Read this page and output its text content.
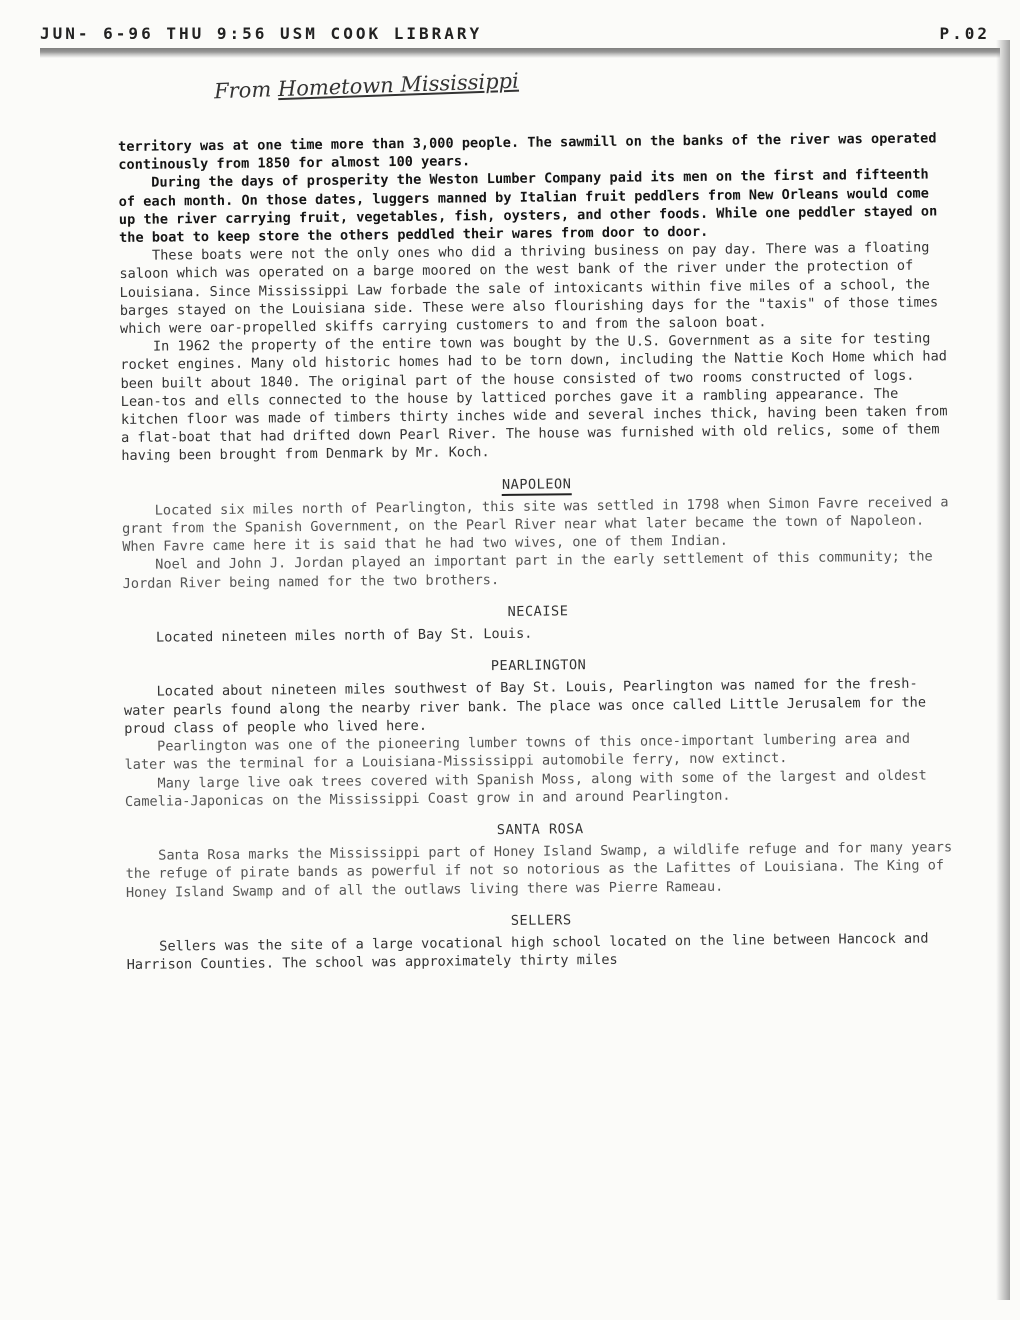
JUN- 6-96 THU 9:56 USM COOK LIBRARY	P.02
From Hometown Mississippi

territory was at one time more than 3,000 people. The sawmill on the banks of the river was operated continously from 1850 for almost 100 years.

During the days of prosperity the Weston Lumber Company paid its men on the first and fifteenth of each month. On those dates, luggers manned by Italian fruit peddlers from New Orleans would come up the river carrying fruit, vegetables, fish, oysters, and other foods. While one peddler stayed on the boat to keep store the others peddled their wares from door to door.

These boats were not the only ones who did a thriving business on pay day. There was a floating saloon which was operated on a barge moored on the west bank of the river under the protection of Louisiana. Since Mississippi Law forbade the sale of intoxicants within five miles of a school, the barges stayed on the Louisiana side. These were also flourishing days for the "taxis" of those times which were oar-propelled skiffs carrying customers to and from the saloon boat.

In 1962 the property of the entire town was bought by the U.S. Government as a site for testing rocket engines. Many old historic homes had to be torn down, including the Nattie Koch Home which had been built about 1840. The original part of the house consisted of two rooms constructed of logs. Lean-tos and ells connected to the house by latticed porches gave it a rambling appearance. The kitchen floor was made of timbers thirty inches wide and several inches thick, having been taken from a flat-boat that had drifted down Pearl River. The house was furnished with old relics, some of them having been brought from Denmark by Mr. Koch.

NAPOLEON

Located six miles north of Pearlington, this site was settled in 1798 when Simon Favre received a grant from the Spanish Government, on the Pearl River near what later became the town of Napoleon. When Favre came here it is said that he had two wives, one of them Indian.

Noel and John J. Jordan played an important part in the early settlement of this community; the Jordan River being named for the two brothers.

NECAISE

Located nineteen miles north of Bay St. Louis.

PEARLINGTON

Located about nineteen miles southwest of Bay St. Louis, Pearlington was named for the fresh-water pearls found along the nearby river bank. The place was once called Little Jerusalem for the proud class of people who lived here.

Pearlington was one of the pioneering lumber towns of this once-important lumbering area and later was the terminal for a Louisiana-Mississippi automobile ferry, now extinct.

Many large live oak trees covered with Spanish Moss, along with some of the largest and oldest Camelia-Japonicas on the Mississippi Coast grow in and around Pearlington.

SANTA ROSA

Santa Rosa marks the Mississippi part of Honey Island Swamp, a wildlife refuge and for many years the refuge of pirate bands as powerful if not so notorious as the Lafittes of Louisiana. The King of Honey Island Swamp and of all the outlaws living there was Pierre Rameau.

SELLERS

Sellers was the site of a large vocational high school located on the line between Hancock and Harrison Counties. The school was approximately thirty miles
